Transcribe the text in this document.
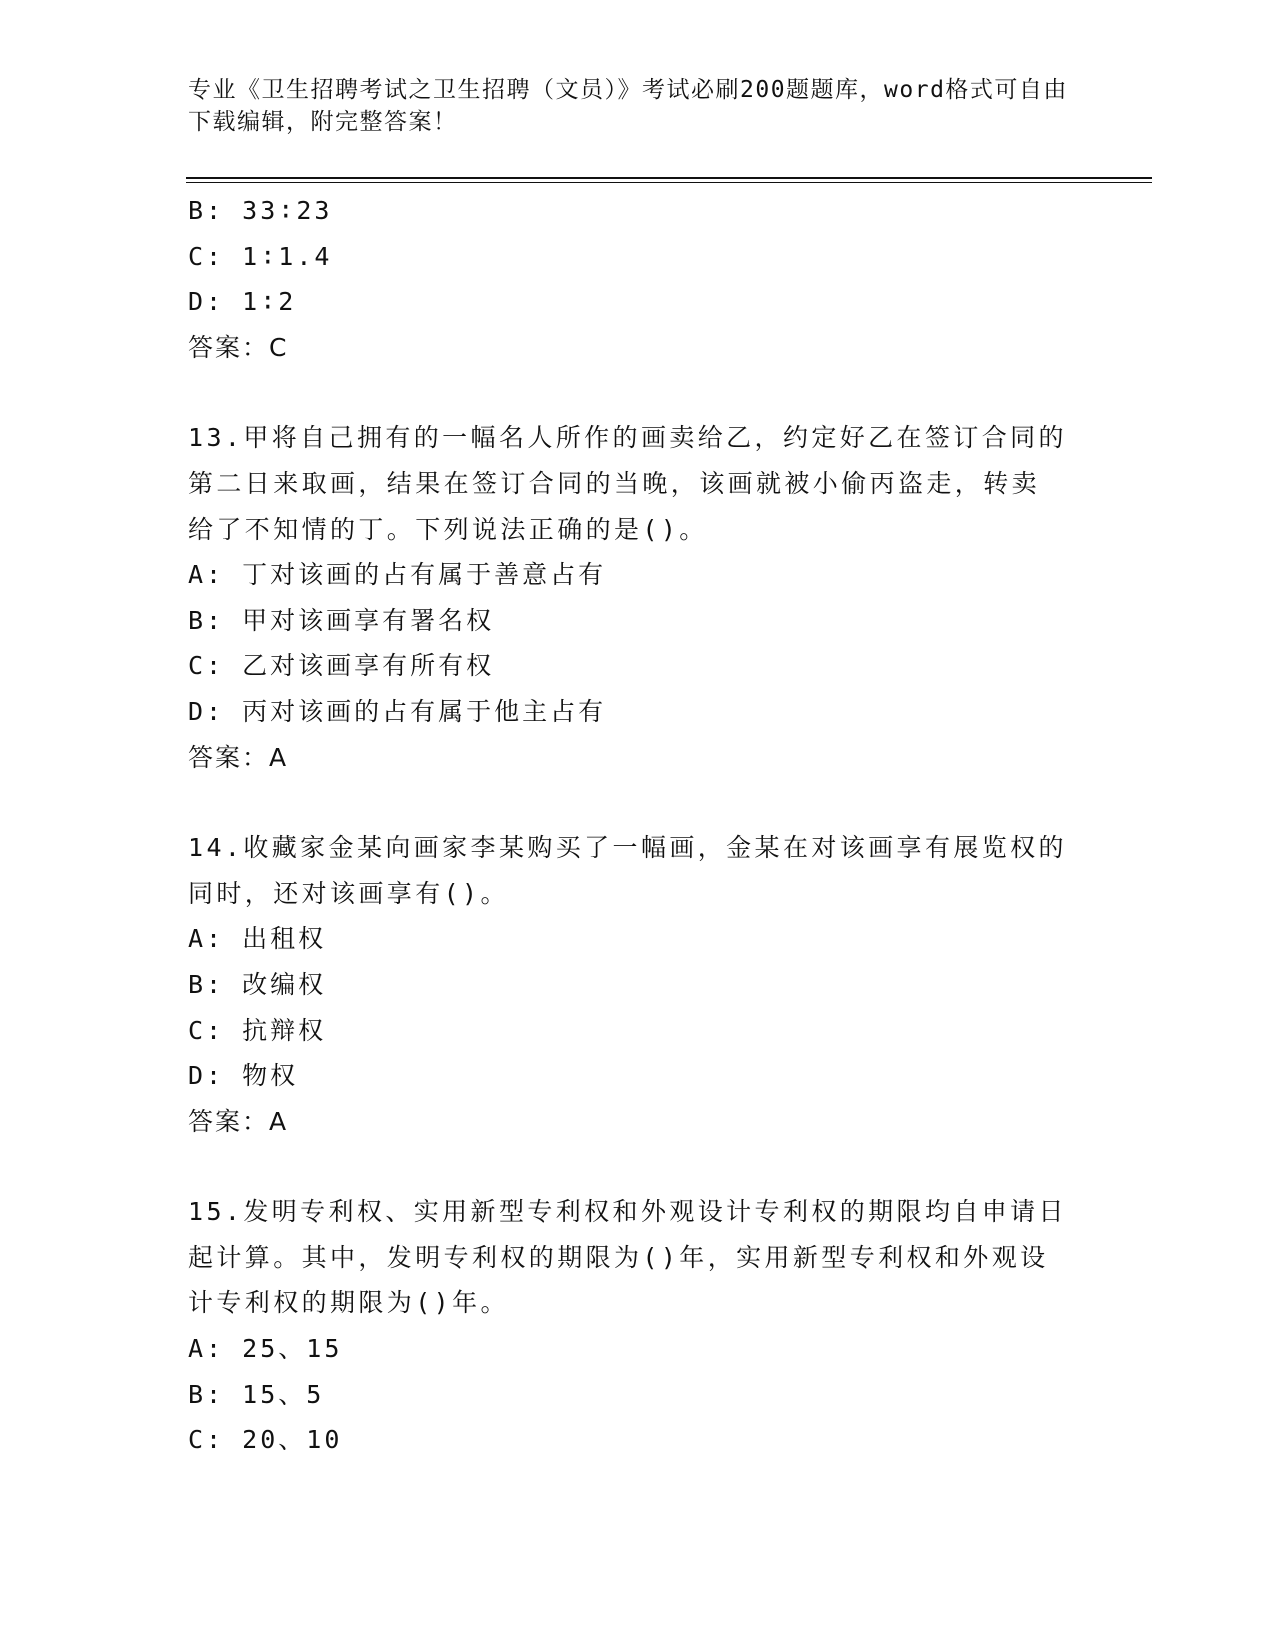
专业《卫生招聘考试之卫生招聘（文员）》考试必刷200题题库，word格式可自由下载编辑，附完整答案！
B: 33∶23
C: 1∶1.4
D: 1∶2
答案：C
13.甲将自己拥有的一幅名人所作的画卖给乙，约定好乙在签订合同的第二日来取画，结果在签订合同的当晚，该画就被小偷丙盗走，转卖给了不知情的丁。下列说法正确的是()。
A: 丁对该画的占有属于善意占有
B: 甲对该画享有署名权
C: 乙对该画享有所有权
D: 丙对该画的占有属于他主占有
答案：A
14.收藏家金某向画家李某购买了一幅画，金某在对该画享有展览权的同时，还对该画享有()。
A: 出租权
B: 改编权
C: 抗辩权
D: 物权
答案：A
15.发明专利权、实用新型专利权和外观设计专利权的期限均自申请日起计算。其中，发明专利权的期限为()年，实用新型专利权和外观设计专利权的期限为()年。
A: 25、15
B: 15、5
C: 20、10
